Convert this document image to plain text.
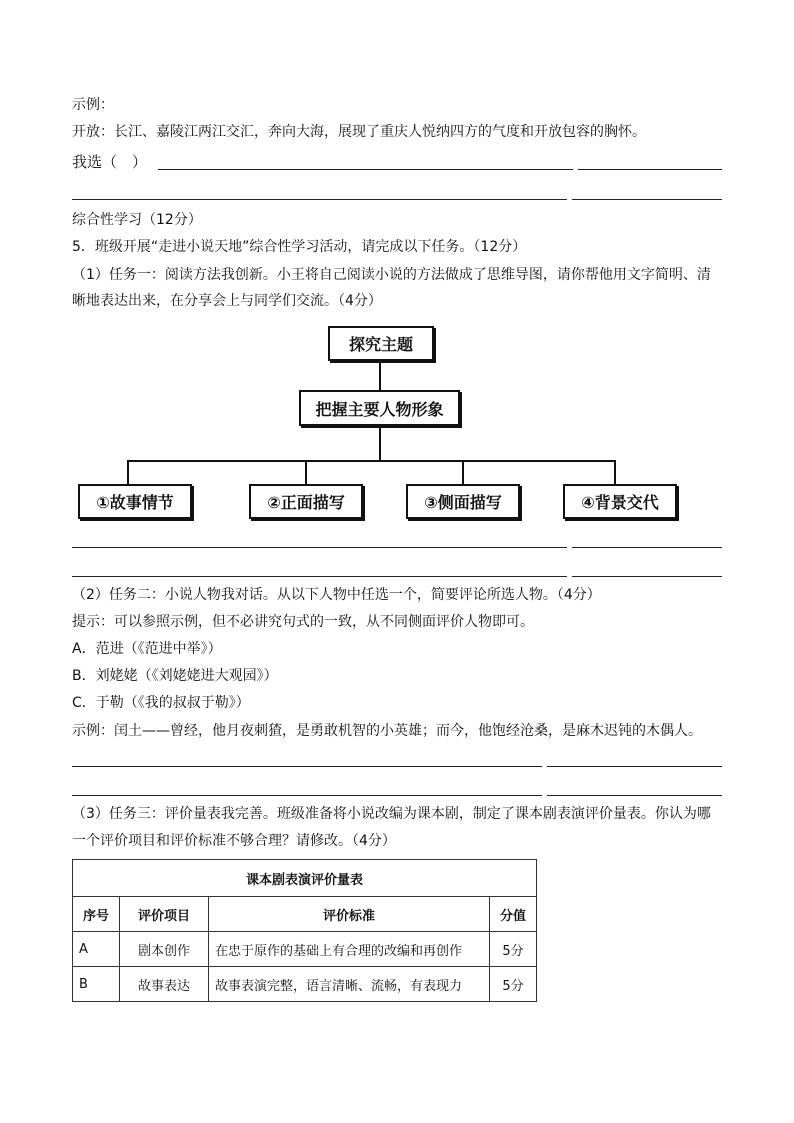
示例：
开放：长江、嘉陵江两江交汇，奔向大海，展现了重庆人悦纳四方的气度和开放包容的胸怀。
我选（　）
综合性学习（12分）
5．班级开展“走进小说天地”综合性学习活动，请完成以下任务。（12分）
（1）任务一：阅读方法我创新。小王将自己阅读小说的方法做成了思维导图，请你帮他用文字简明、清
晰地表达出来，在分享会上与同学们交流。（4分）
探究主题
把握主要人物形象
①故事情节	②正面描写	③侧面描写	④背景交代
（2）任务二：小说人物我对话。从以下人物中任选一个，简要评论所选人物。（4分）
提示：可以参照示例，但不必讲究句式的一致，从不同侧面评价人物即可。
A．范进（《范进中举》）
B．刘姥姥（《刘姥姥进大观园》）
C．于勒（《我的叔叔于勒》）
示例：闰土——曾经，他月夜刺猹，是勇敢机智的小英雄；而今，他饱经沧桑，是麻木迟钝的木偶人。
（3）任务三：评价量表我完善。班级准备将小说改编为课本剧，制定了课本剧表演评价量表。你认为哪
一个评价项目和评价标准不够合理？请修改。（4分）
课本剧表演评价量表			
序号	评价项目	评价标准	分值
A	剧本创作	在忠于原作的基础上有合理的改编和再创作	5分
B	故事表达	故事表演完整，语言清晰、流畅，有表现力	5分
